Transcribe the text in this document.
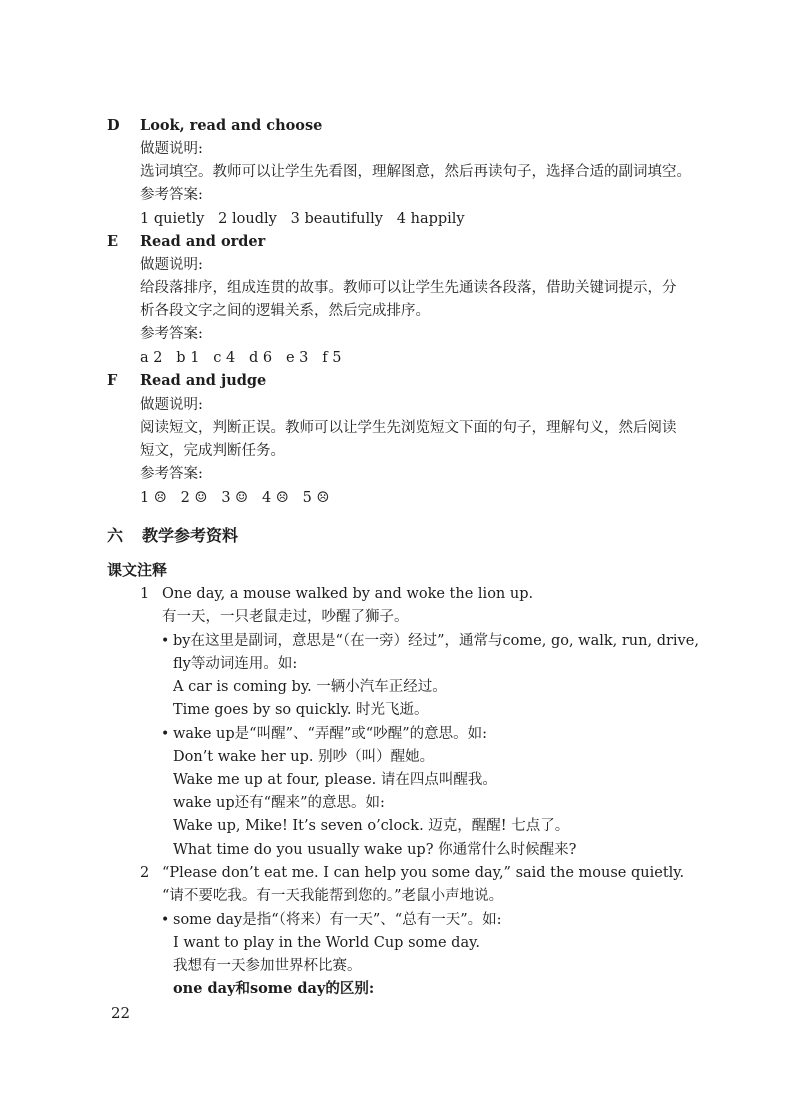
D Look, read and choose
做题说明:
选词填空。教师可以让学生先看图，理解图意，然后再读句子，选择合适的副词填空。
参考答案:
1 quietly   2 loudly   3 beautifully   4 happily
E Read and order
做题说明:
给段落排序，组成连贯的故事。教师可以让学生先通读各段落，借助关键词提示，分
析各段文字之间的逻辑关系，然后完成排序。
参考答案:
a 2   b 1   c 4   d 6   e 3   f 5
F Read and judge
做题说明:
阅读短文，判断正误。教师可以让学生先浏览短文下面的句子，理解句义，然后阅读
短文，完成判断任务。
参考答案:
1 ☹   2 ☺   3 ☺   4 ☹   5 ☹
六 教学参考资料
课文注释
1 One day, a mouse walked by and woke the lion up.
有一天，一只老鼠走过，吵醒了狮子。
• by在这里是副词，意思是“（在一旁）经过”，通常与come, go, walk, run, drive,
fly等动词连用。如:
A car is coming by. 一辆小汽车正经过。
Time goes by so quickly. 时光飞逝。
• wake up是“叫醒”、“弄醒”或“吵醒”的意思。如:
Don’t wake her up. 别吵（叫）醒她。
Wake me up at four, please. 请在四点叫醒我。
wake up还有“醒来”的意思。如:
Wake up, Mike! It’s seven o’clock. 迈克，醒醒! 七点了。
What time do you usually wake up? 你通常什么时候醒来?
2 “Please don’t eat me. I can help you some day,” said the mouse quietly.
“请不要吃我。有一天我能帮到您的。”老鼠小声地说。
• some day是指“（将来）有一天”、“总有一天”。如:
I want to play in the World Cup some day.
我想有一天参加世界杯比赛。
one day和some day的区别:
22
